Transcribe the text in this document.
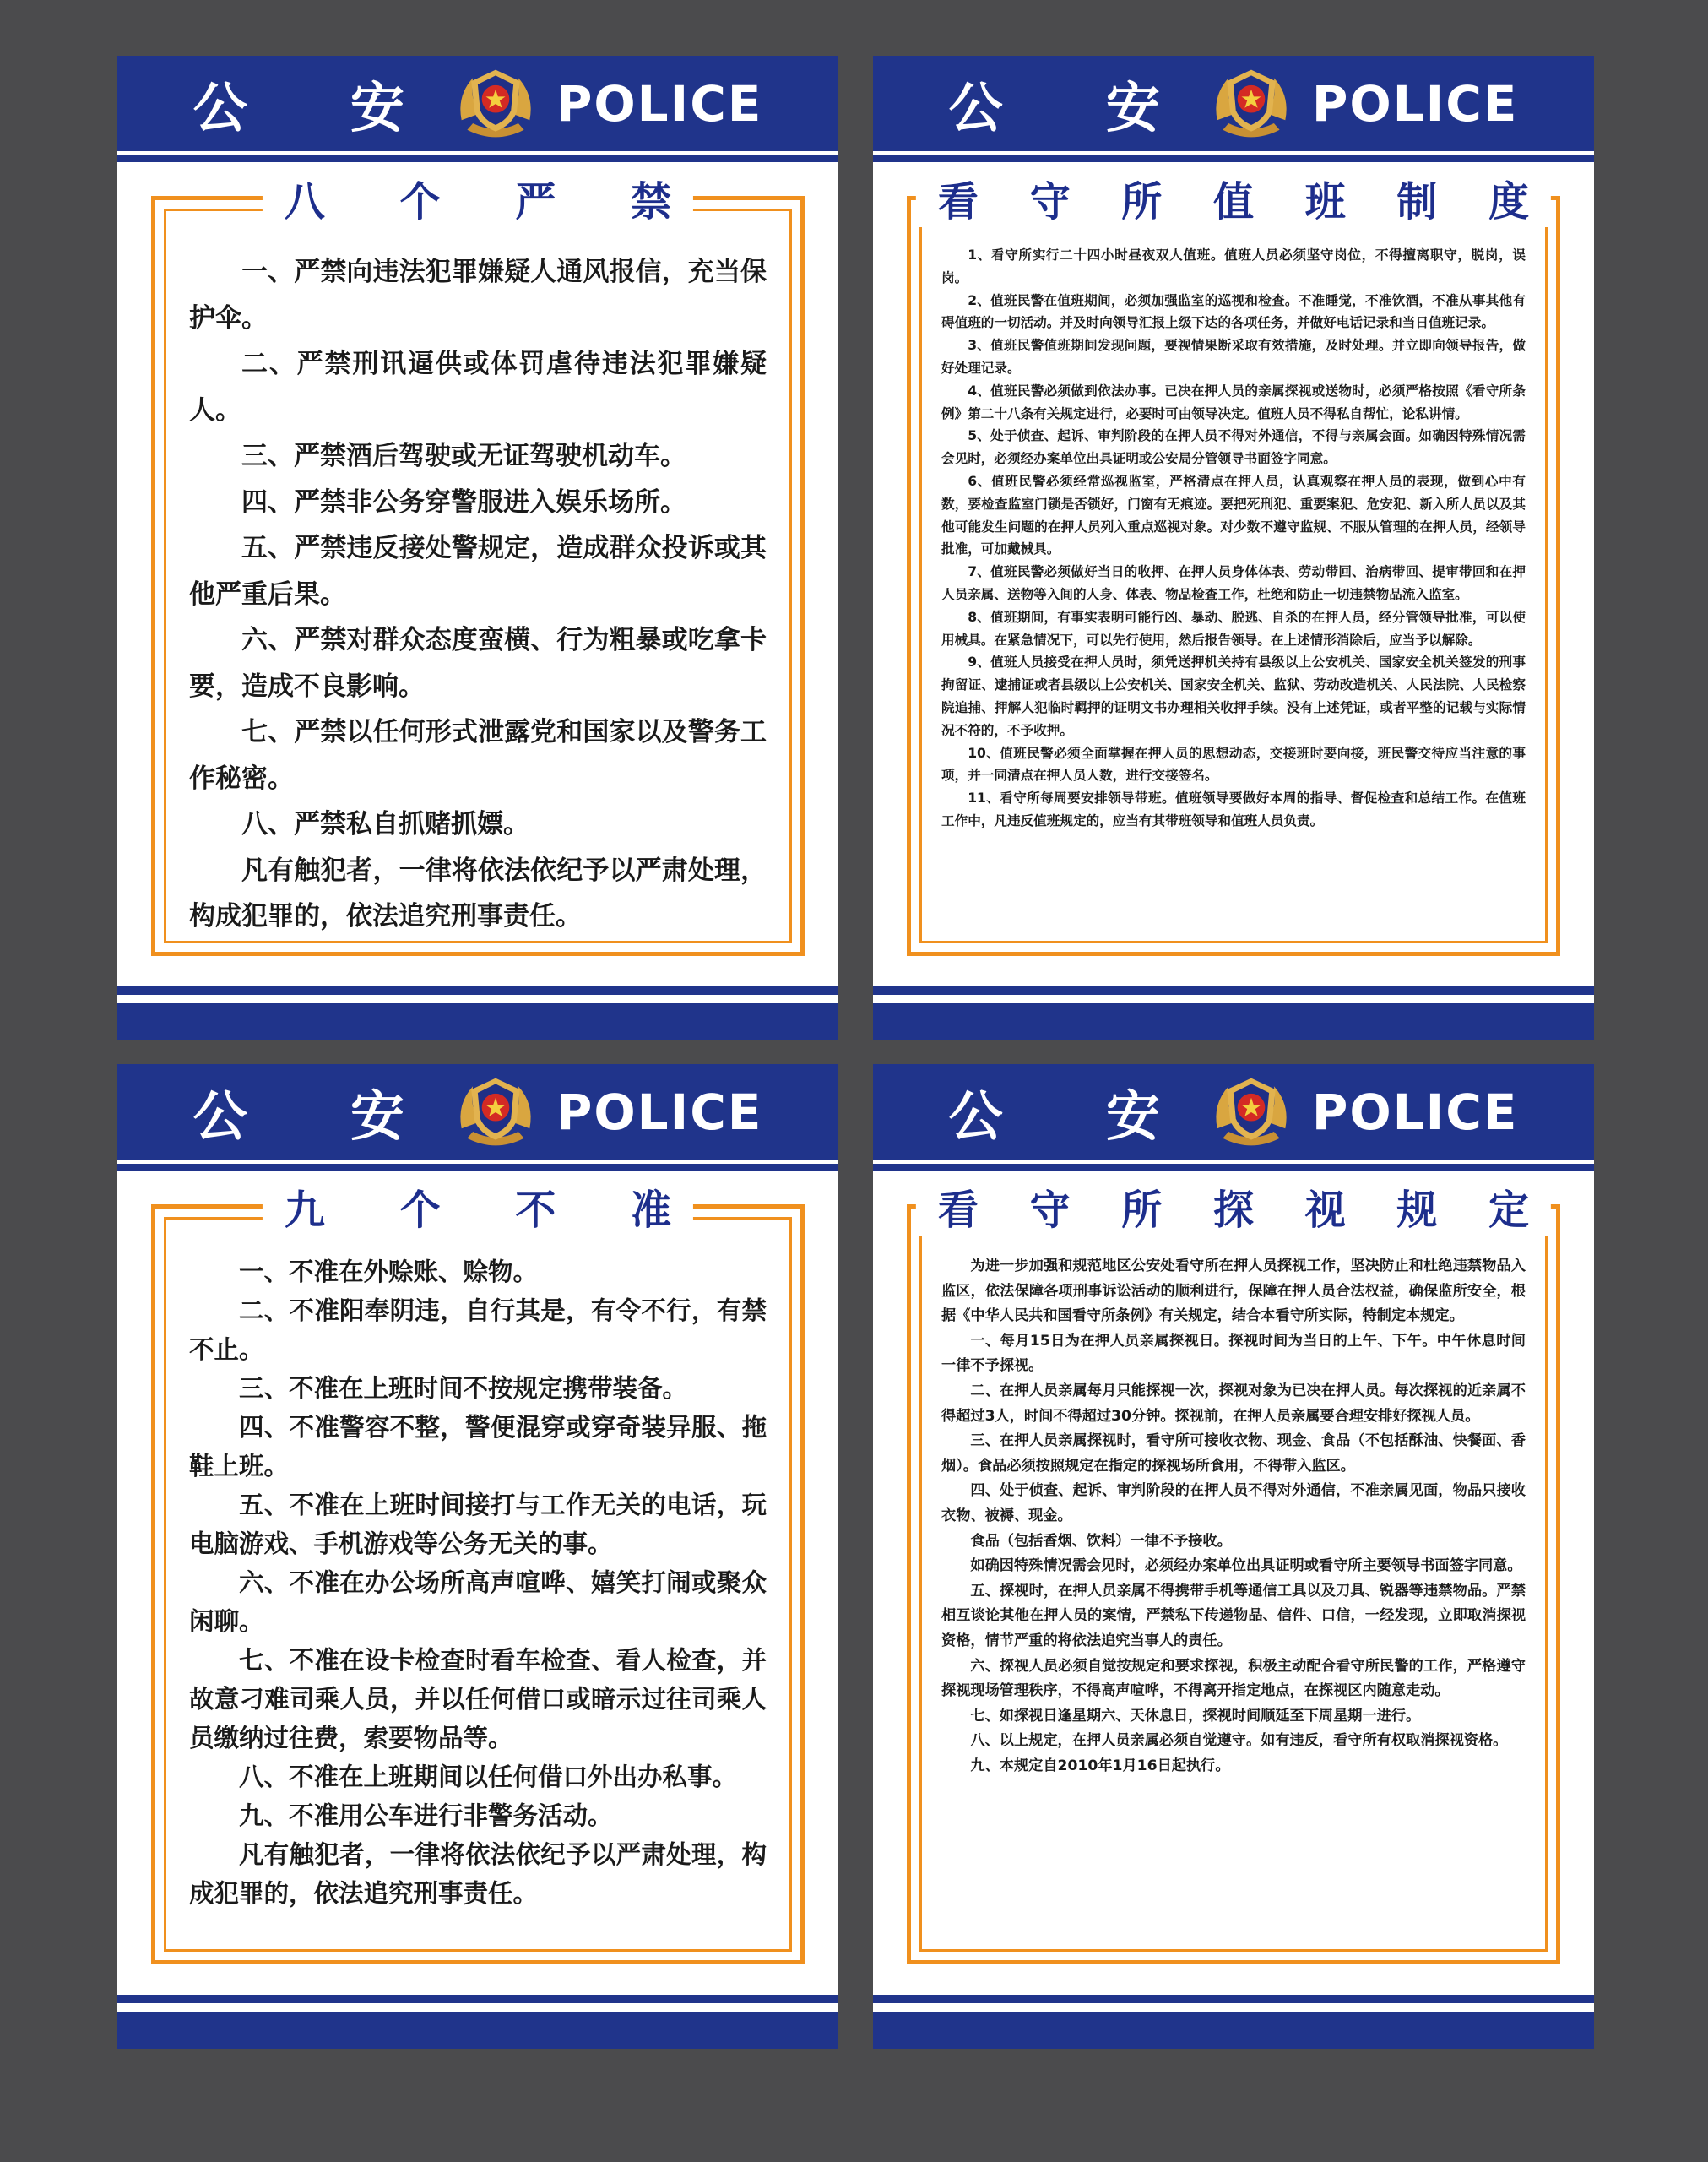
公 安 POLICE
八 个 严 禁

一、严禁向违法犯罪嫌疑人通风报信，充当保护伞。

二、严禁刑讯逼供或体罚虐待违法犯罪嫌疑人。

三、严禁酒后驾驶或无证驾驶机动车。

四、严禁非公务穿警服进入娱乐场所。

五、严禁违反接处警规定，造成群众投诉或其他严重后果。

六、严禁对群众态度蛮横、行为粗暴或吃拿卡要，造成不良影响。

七、严禁以任何形式泄露党和国家以及警务工作秘密。

八、严禁私自抓赌抓嫖。

凡有触犯者，一律将依法依纪予以严肃处理，构成犯罪的，依法追究刑事责任。

公 安 POLICE
看 守 所 值 班 制 度

1、看守所实行二十四小时昼夜双人值班。值班人员必须坚守岗位，不得擅离职守，脱岗，误岗。

2、值班民警在值班期间，必须加强监室的巡视和检查。不准睡觉，不准饮酒，不准从事其他有碍值班的一切活动。并及时向领导汇报上级下达的各项任务，并做好电话记录和当日值班记录。

3、值班民警值班期间发现问题，要视情果断采取有效措施，及时处理。并立即向领导报告，做好处理记录。

4、值班民警必须做到依法办事。已决在押人员的亲属探视或送物时，必须严格按照《看守所条例》第二十八条有关规定进行，必要时可由领导决定。值班人员不得私自帮忙，论私讲情。

5、处于侦查、起诉、审判阶段的在押人员不得对外通信，不得与亲属会面。如确因特殊情况需会见时，必须经办案单位出具证明或公安局分管领导书面签字同意。

6、值班民警必须经常巡视监室，严格清点在押人员，认真观察在押人员的表现，做到心中有数，要检查监室门锁是否锁好，门窗有无痕迹。要把死刑犯、重要案犯、危安犯、新入所人员以及其他可能发生问题的在押人员列入重点巡视对象。对少数不遵守监规、不服从管理的在押人员，经领导批准，可加戴械具。

7、值班民警必须做好当日的收押、在押人员身体体表、劳动带回、治病带回、提审带回和在押人员亲属、送物等入间的人身、体表、物品检查工作，杜绝和防止一切违禁物品流入监室。

8、值班期间，有事实表明可能行凶、暴动、脱逃、自杀的在押人员，经分管领导批准，可以使用械具。在紧急情况下，可以先行使用，然后报告领导。在上述情形消除后，应当予以解除。

9、值班人员接受在押人员时，须凭送押机关持有县级以上公安机关、国家安全机关签发的刑事拘留证、逮捕证或者县级以上公安机关、国家安全机关、监狱、劳动改造机关、人民法院、人民检察院追捕、押解人犯临时羁押的证明文书办理相关收押手续。没有上述凭证，或者平整的记载与实际情况不符的，不予收押。

10、值班民警必须全面掌握在押人员的思想动态，交接班时要向接，班民警交待应当注意的事项，并一同清点在押人员人数，进行交接签名。

11、看守所每周要安排领导带班。值班领导要做好本周的指导、督促检查和总结工作。在值班工作中，凡违反值班规定的，应当有其带班领导和值班人员负责。

公 安 POLICE
九 个 不 准

一、不准在外赊账、赊物。

二、不准阳奉阴违，自行其是，有令不行，有禁不止。

三、不准在上班时间不按规定携带装备。

四、不准警容不整，警便混穿或穿奇装异服、拖鞋上班。

五、不准在上班时间接打与工作无关的电话，玩电脑游戏、手机游戏等公务无关的事。

六、不准在办公场所高声喧哗、嬉笑打闹或聚众闲聊。

七、不准在设卡检查时看车检查、看人检查，并故意刁难司乘人员，并以任何借口或暗示过往司乘人员缴纳过往费，索要物品等。

八、不准在上班期间以任何借口外出办私事。

九、不准用公车进行非警务活动。

凡有触犯者，一律将依法依纪予以严肃处理，构成犯罪的，依法追究刑事责任。

公 安 POLICE
看 守 所 探 视 规 定

为进一步加强和规范地区公安处看守所在押人员探视工作，坚决防止和杜绝违禁物品入监区，依法保障各项刑事诉讼活动的顺利进行，保障在押人员合法权益，确保监所安全，根据《中华人民共和国看守所条例》有关规定，结合本看守所实际，特制定本规定。

一、每月15日为在押人员亲属探视日。探视时间为当日的上午、下午。中午休息时间一律不予探视。

二、在押人员亲属每月只能探视一次，探视对象为已决在押人员。每次探视的近亲属不得超过3人，时间不得超过30分钟。探视前，在押人员亲属要合理安排好探视人员。

三、在押人员亲属探视时，看守所可接收衣物、现金、食品（不包括酥油、快餐面、香烟）。食品必须按照规定在指定的探视场所食用，不得带入监区。

四、处于侦查、起诉、审判阶段的在押人员不得对外通信，不准亲属见面，物品只接收衣物、被褥、现金。

食品（包括香烟、饮料）一律不予接收。

如确因特殊情况需会见时，必须经办案单位出具证明或看守所主要领导书面签字同意。

五、探视时，在押人员亲属不得携带手机等通信工具以及刀具、锐器等违禁物品。严禁相互谈论其他在押人员的案情，严禁私下传递物品、信件、口信，一经发现，立即取消探视资格，情节严重的将依法追究当事人的责任。

六、探视人员必须自觉按规定和要求探视，积极主动配合看守所民警的工作，严格遵守探视现场管理秩序，不得高声喧哗，不得离开指定地点，在探视区内随意走动。

七、如探视日逢星期六、天休息日，探视时间顺延至下周星期一进行。

八、以上规定，在押人员亲属必须自觉遵守。如有违反，看守所有权取消探视资格。

九、本规定自2010年1月16日起执行。
